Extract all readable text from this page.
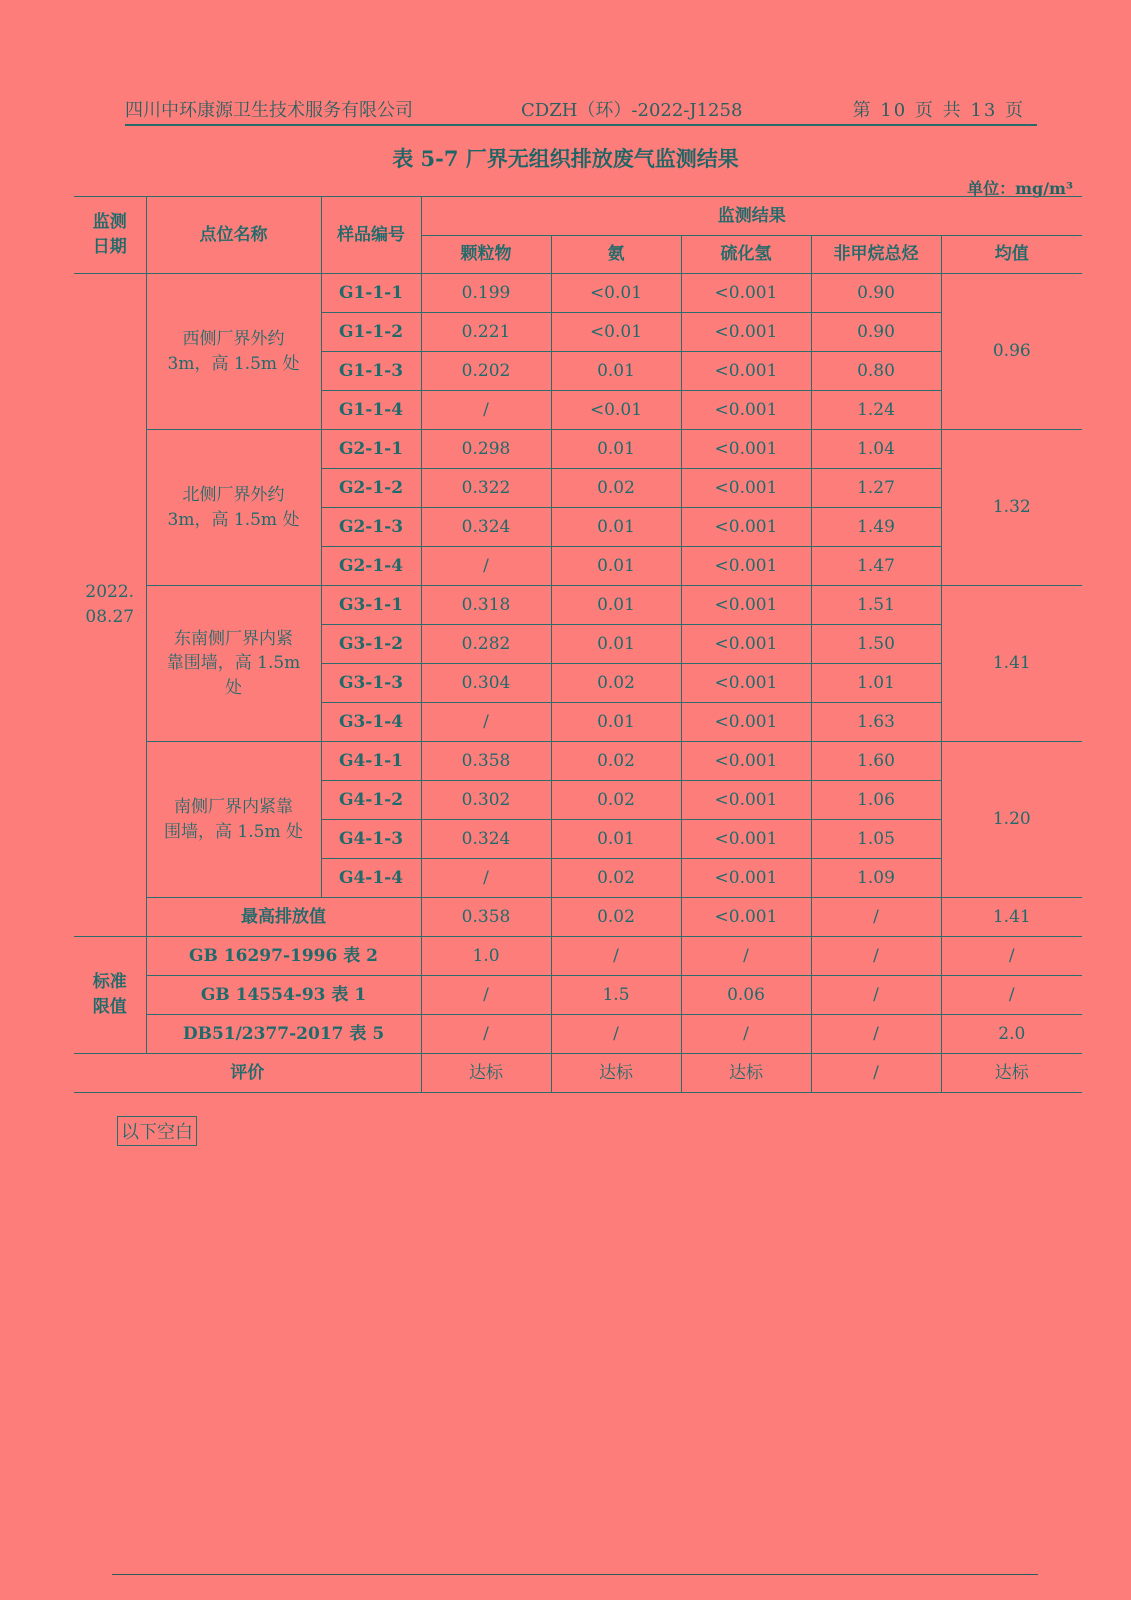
四川中环康源卫生技术服务有限公司	CDZH（环）-2022-J1258	第 10 页 共 13 页
表 5-7 厂界无组织排放废气监测结果
单位：mg/m³
监测
日期	点位名称	样品编号	监测结果				
			颗粒物	氨	硫化氢	非甲烷总烃	均值
2022.
08.27	西侧厂界外约
3m，高 1.5m 处	G1-1-1	0.199	<0.01	<0.001	0.90	0.96
		G1-1-2	0.221	<0.01	<0.001	0.90	
		G1-1-3	0.202	0.01	<0.001	0.80	
		G1-1-4	/	<0.01	<0.001	1.24	
	北侧厂界外约
3m，高 1.5m 处	G2-1-1	0.298	0.01	<0.001	1.04	1.32
		G2-1-2	0.322	0.02	<0.001	1.27	
		G2-1-3	0.324	0.01	<0.001	1.49	
		G2-1-4	/	0.01	<0.001	1.47	
	东南侧厂界内紧
靠围墙，高 1.5m
处	G3-1-1	0.318	0.01	<0.001	1.51	1.41
		G3-1-2	0.282	0.01	<0.001	1.50	
		G3-1-3	0.304	0.02	<0.001	1.01	
		G3-1-4	/	0.01	<0.001	1.63	
	南侧厂界内紧靠
围墙，高 1.5m 处	G4-1-1	0.358	0.02	<0.001	1.60	1.20
		G4-1-2	0.302	0.02	<0.001	1.06	
		G4-1-3	0.324	0.01	<0.001	1.05	
		G4-1-4	/	0.02	<0.001	1.09	
	最高排放值		0.358	0.02	<0.001	/	1.41
标准
限值	GB 16297-1996 表 2		1.0	/	/	/	/
	GB 14554-93 表 1		/	1.5	0.06	/	/
	DB51/2377-2017 表 5		/	/	/	/	2.0
评价			达标	达标	达标	/	达标
以下空白
